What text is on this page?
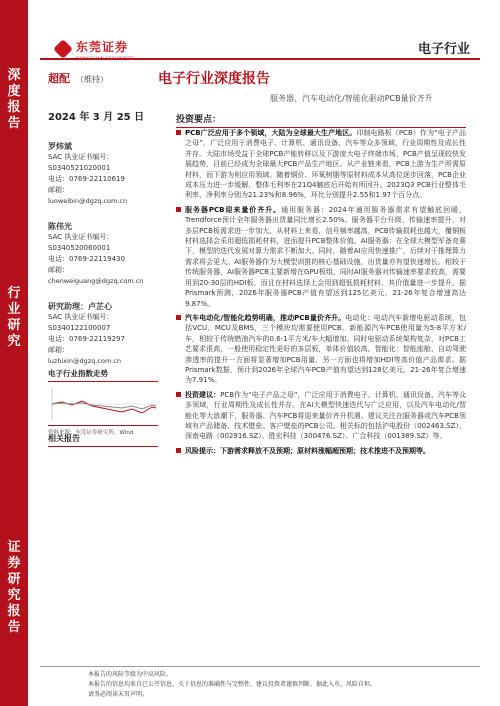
深
度
报
告
行
业
研
究
证
券
研
究
报
告
东莞证券
DONGGUAN SECURITIES
电子行业
超配 （维持）	电子行业深度报告
服务器、汽车电动化/智能化驱动PCB量价齐升
2024 年 3 月 25 日
罗炜斌
SAC 执业证书编号：
S0340521020001
电话：0769-22110619
邮箱：
luoweibin@dgzq.com.cn
陈伟光
SAC 执业证书编号：
S0340520060001
电话：0769-22119430
邮箱：
chenweiguang@dgzq.com.cn
研究助理：卢芷心
SAC 执业证书编号：
S0340122100007
电话：0769-22119297
邮箱：
luzhixin@dgzq.com.cn
电子行业指数走势
资料来源：东莞证券研究所，Wind
相关报告
投资要点：
PCB广泛应用于多个领域，大陆为全球最大生产地区。印制电路板（PCB）作为“电子产品之母”，广泛应用于消费电子、计算机、通讯设备、汽车等众多领域，行业周期性及成长性并存。大陆市场受益于全球PCB产能转移以及下游庞大电子终端市场，PCB产值呈现较快发展趋势，目前已经成为全球最大PCB产品生产地区。从产业链来看，PCB上游为生产所需原材料，而下游为则应用领域。随着铜价、环氧树脂等原材料成本从高位逐步回落，PCB企业成本压力进一步缓解，整体毛利率在21Q4触底后开始有所回升。2023Q3 PCB行业整体毛利率、净利率分别为21.23%和8.96%，环比分别提升2.55和1.97个百分点。
服务器PCB迎来量价齐升。通用服务器：2024年通用服务器需求有望触底回暖，Trendforce预计全年服务器出货量同比增长2.50%。服务器平台升级、传输速率提升，对多层PCB板需求进一步加大、从材料上来看，信号频率越高，PCB传输损耗也越大，覆铜板材料选择会采用超低损耗材料，进而提升PCB整体价值。AI服务器：在全球大模型军备竞赛下，模型的迭代发展对算力需求不断加大。同时，随着AI应用快速推广，后续对于推理算力需求将会更大。AI服务器作为大模型训推的核心基础设施，出货量亦有望快速增长。相较于传统服务器，AI服务器PCB主要新增在GPU板组，同时AI服务器对传输速率要求较高，需要用到20-30层的HDI板，而且在材料选择上会用到超低损耗材料，其价值量进一步提升。据Prismark预测，2026年服务器PCB产值有望达到125亿美元，21-26年复合增速高达9.87%。
汽车电动化/智能化趋势明确，推动PCB量价齐升。电动化：电动汽车新增电驱动系统，包括VCU、MCU及BMS，三个模块均需要使用PCB。新能源汽车PCB使用量为5-8平方米/车，相较于传统燃油汽车的0.6-1平方米/车大幅增加。同时电驱动系统架构复杂，对PCB工艺要求很高，一般使用稳定性更好的多层板，单体价值较高。智能化：智能座舱、自动驾驶渗透率的提升一方面将显著增加PCB用量，另一方面也将增加HDI等高价值产品需求。据Prismark数据，预计到2026年全球汽车PCB产值有望达到128亿美元，21-26年复合增速为7.91%。
投资建议：PCB作为“电子产品之母”，广泛应用于消费电子、计算机、通讯设备、汽车等众多领域，行业周期性及成长性并存。在AI大模型快速迭代与广泛应用，以及汽车电动化/智能化等大浪潮下，服务器、汽车PCB将迎来量价齐升机遇。建议关注在服务器或汽车PCB领域有产品储备、技术壁垒、客户壁垒的PCB公司。相关标的包括沪电股份（002463.SZ）、深南电路（002916.SZ）、胜宏科技（300476.SZ）、广合科技（001389.SZ）等。
风险提示：下游需求释放不及预期；原材料涨幅超预期；技术推进不及预期等。
本报告的风险等级为中高风险。
本报告的信息均来自已公开信息，关于信息的准确性与完整性，建议投资者谨慎判断，据此入市，风险自担。
请务必阅读末页声明。
